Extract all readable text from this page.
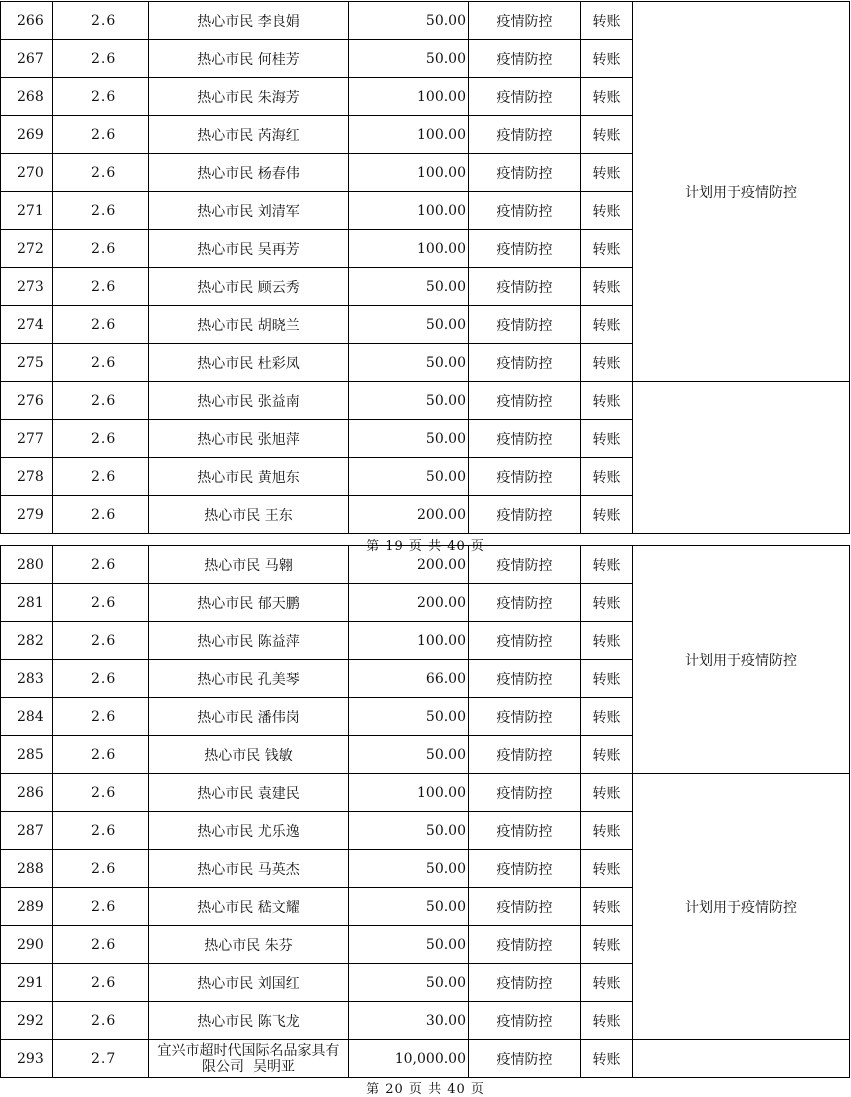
266	2.6	热心市民 李良娟	50.00	疫情防控	转账	计划用于疫情防控
267	2.6	热心市民 何桂芳	50.00	疫情防控	转账	
268	2.6	热心市民 朱海芳	100.00	疫情防控	转账	
269	2.6	热心市民 芮海红	100.00	疫情防控	转账	
270	2.6	热心市民 杨春伟	100.00	疫情防控	转账	
271	2.6	热心市民 刘清军	100.00	疫情防控	转账	
272	2.6	热心市民 吴再芳	100.00	疫情防控	转账	
273	2.6	热心市民 顾云秀	50.00	疫情防控	转账	
274	2.6	热心市民 胡晓兰	50.00	疫情防控	转账	
275	2.6	热心市民 杜彩凤	50.00	疫情防控	转账	
276	2.6	热心市民 张益南	50.00	疫情防控	转账	
277	2.6	热心市民 张旭萍	50.00	疫情防控	转账	
278	2.6	热心市民 黄旭东	50.00	疫情防控	转账	
279	2.6	热心市民 王东	200.00	疫情防控	转账	
第 19 页 共 40 页
280	2.6	热心市民 马翱	200.00	疫情防控	转账	计划用于疫情防控
281	2.6	热心市民 郁天鹏	200.00	疫情防控	转账	
282	2.6	热心市民 陈益萍	100.00	疫情防控	转账	
283	2.6	热心市民 孔美琴	66.00	疫情防控	转账	
284	2.6	热心市民 潘伟岗	50.00	疫情防控	转账	
285	2.6	热心市民 钱敏	50.00	疫情防控	转账	
286	2.6	热心市民 袁建民	100.00	疫情防控	转账	计划用于疫情防控
287	2.6	热心市民 尤乐逸	50.00	疫情防控	转账	
288	2.6	热心市民 马英杰	50.00	疫情防控	转账	
289	2.6	热心市民 嵇文耀	50.00	疫情防控	转账	
290	2.6	热心市民 朱芬	50.00	疫情防控	转账	
291	2.6	热心市民 刘国红	50.00	疫情防控	转账	
292	2.6	热心市民 陈飞龙	30.00	疫情防控	转账	
293	2.7	宜兴市超时代国际名品家具有
限公司  吴明亚	10,000.00	疫情防控	转账	
第 20 页 共 40 页
